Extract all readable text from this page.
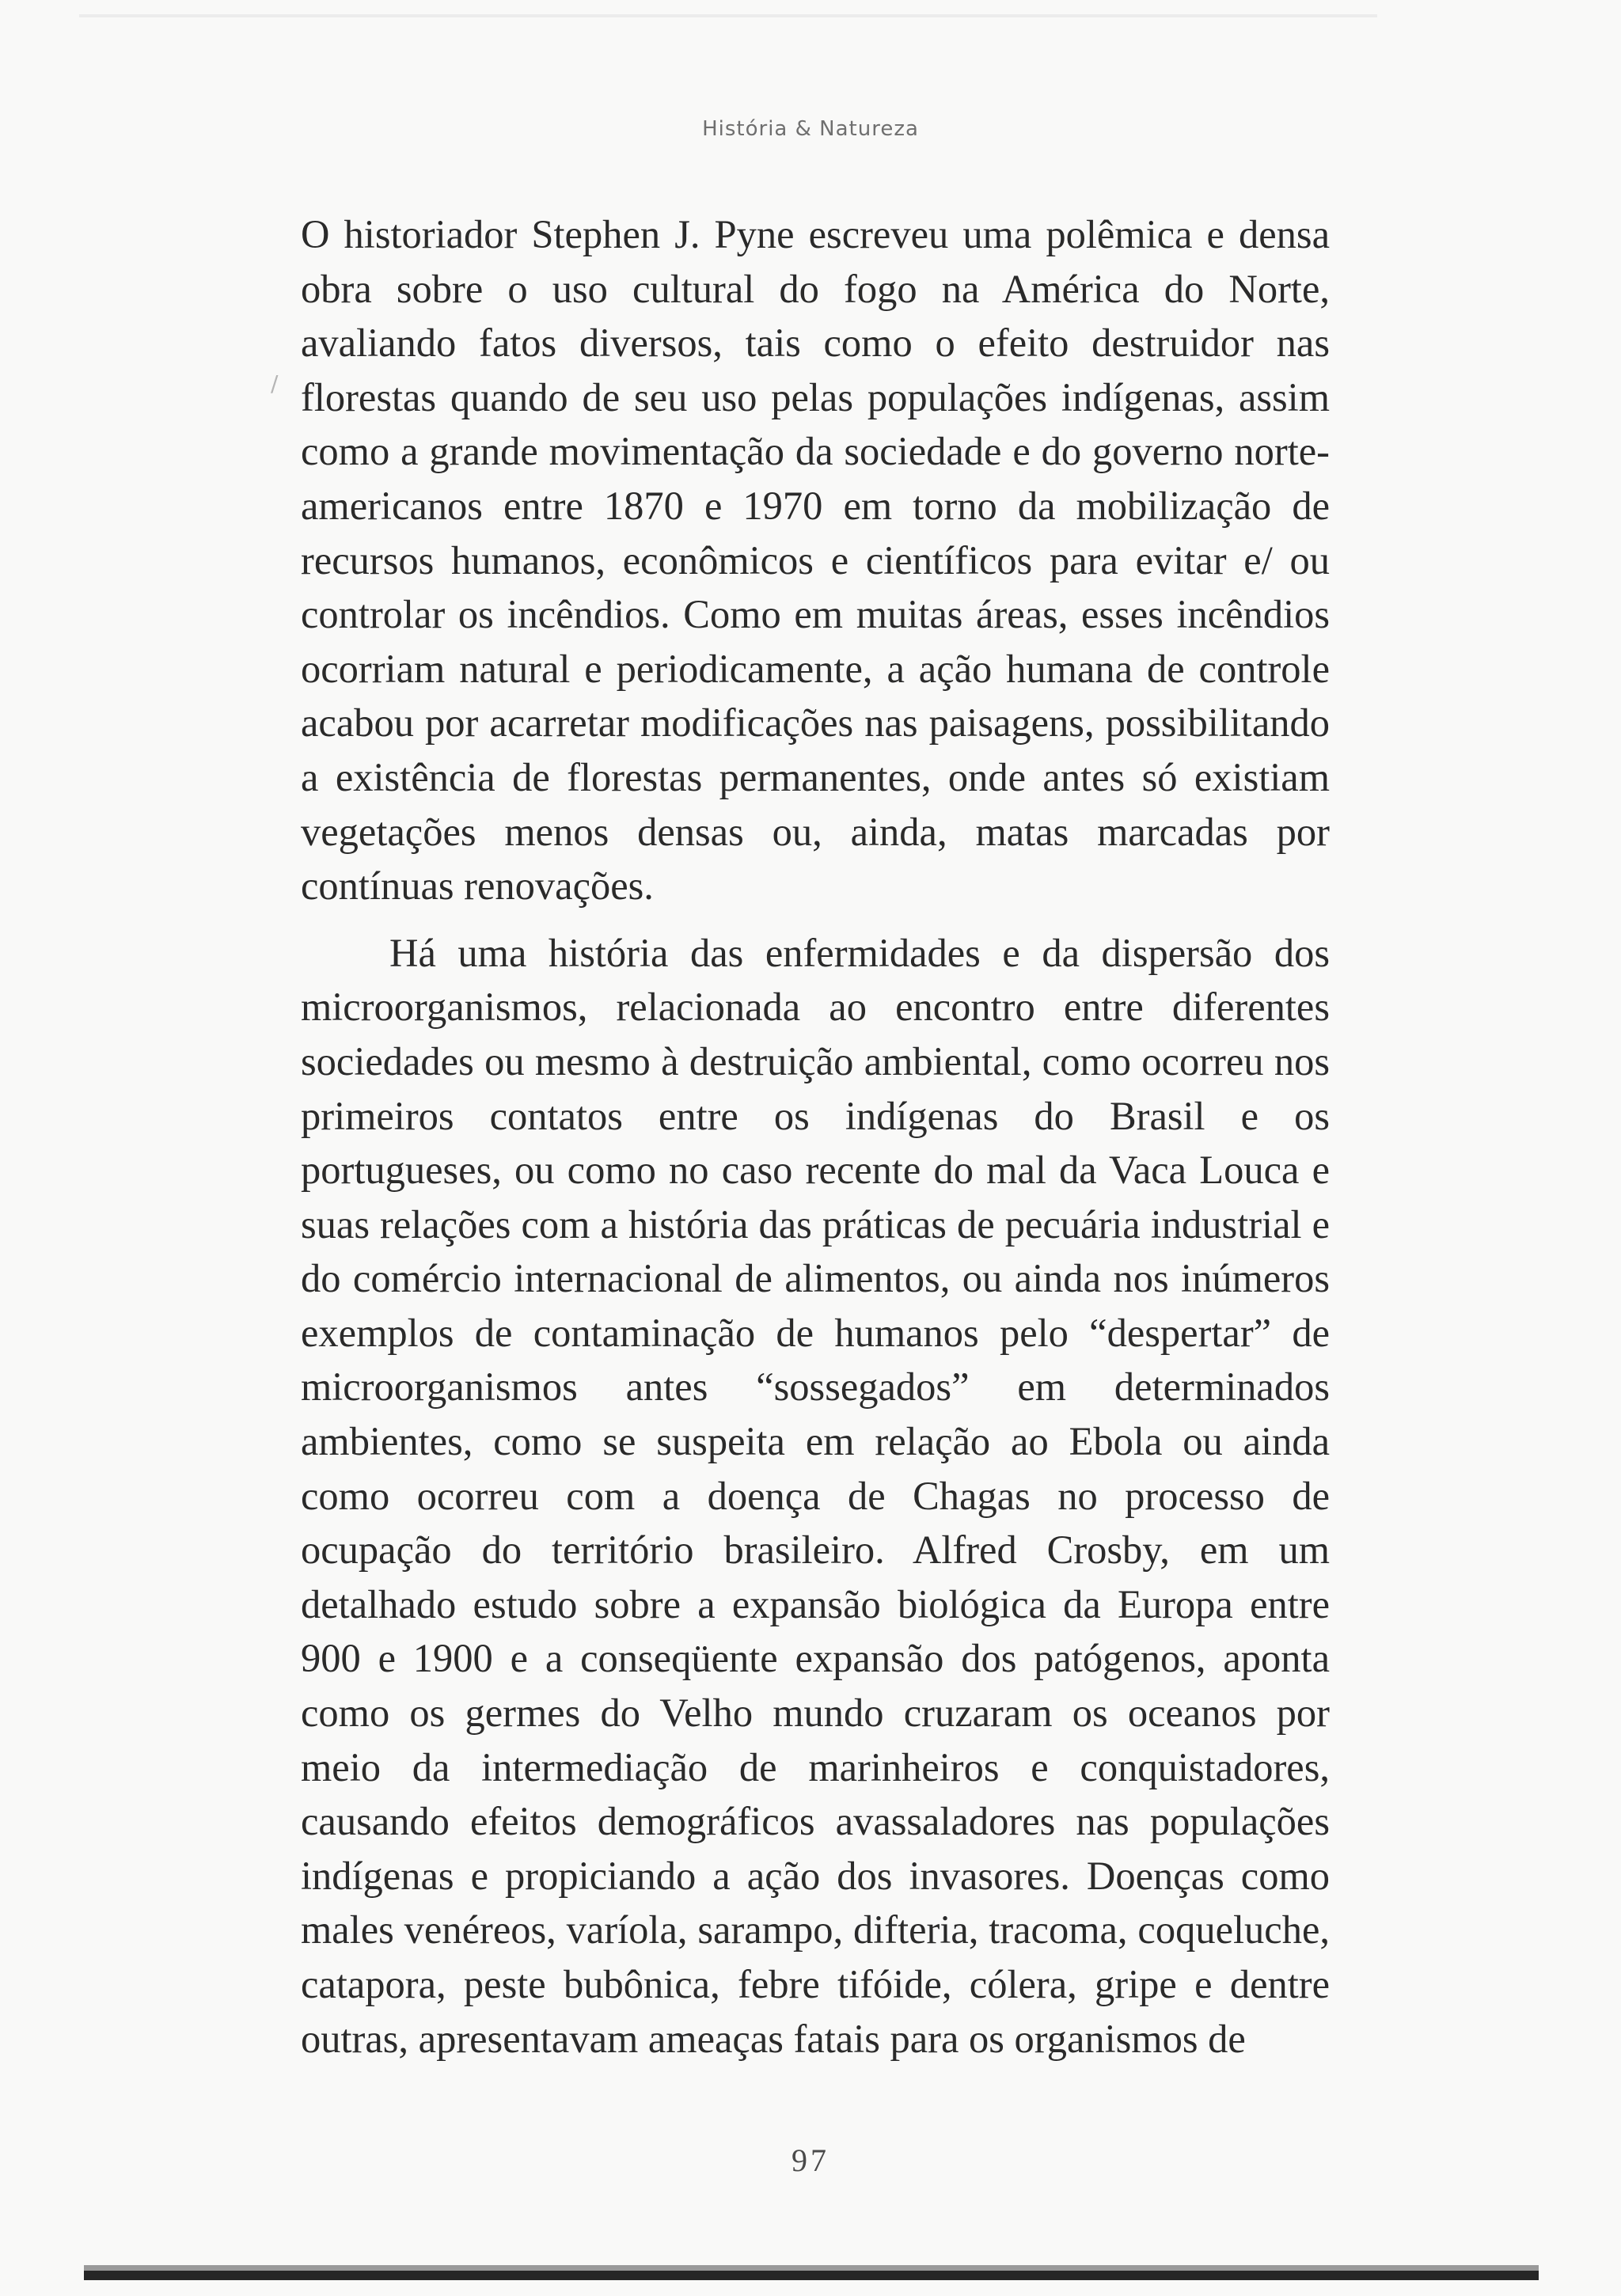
História & Natureza
/

O historiador Stephen J. Pyne escreveu uma polêmica e densa obra sobre o uso cultural do fogo na América do Norte, avaliando fatos diversos, tais como o efeito destruidor nas florestas quando de seu uso pelas populações indígenas, assim como a grande movimentação da sociedade e do governo norte-americanos entre 1870 e 1970 em torno da mobilização de recursos humanos, econômicos e científicos para evitar e/ ou controlar os incêndios. Como em muitas áreas, esses incêndios ocorriam natural e periodicamente, a ação humana de controle acabou por acarretar modificações nas paisagens, possibilitando a existência de florestas permanentes, onde antes só existiam vegetações menos densas ou, ainda, matas marcadas por contínuas renovações.

Há uma história das enfermidades e da dispersão dos microorganismos, relacionada ao encontro entre diferentes sociedades ou mesmo à destruição ambiental, como ocorreu nos primeiros contatos entre os indígenas do Brasil e os portugueses, ou como no caso recente do mal da Vaca Louca e suas relações com a história das práticas de pecuária industrial e do comércio internacional de alimentos, ou ainda nos inúmeros exemplos de contaminação de humanos pelo “despertar” de microorganismos antes “sossegados” em determinados ambientes, como se suspeita em relação ao Ebola ou ainda como ocorreu com a doença de Chagas no processo de ocupação do território brasileiro. Alfred Crosby, em um detalhado estudo sobre a expansão biológica da Europa entre 900 e 1900 e a conseqüente expansão dos patógenos, aponta como os germes do Velho mundo cruzaram os oceanos por meio da intermediação de marinheiros e conquistadores, causando efeitos demográficos avassaladores nas populações indígenas e propiciando a ação dos invasores. Doenças como males venéreos, varíola, sarampo, difteria, tracoma, coqueluche, catapora, peste bubônica, febre tifóide, cólera, gripe e dentre outras, apresentavam ameaças fatais para os organismos de

97
